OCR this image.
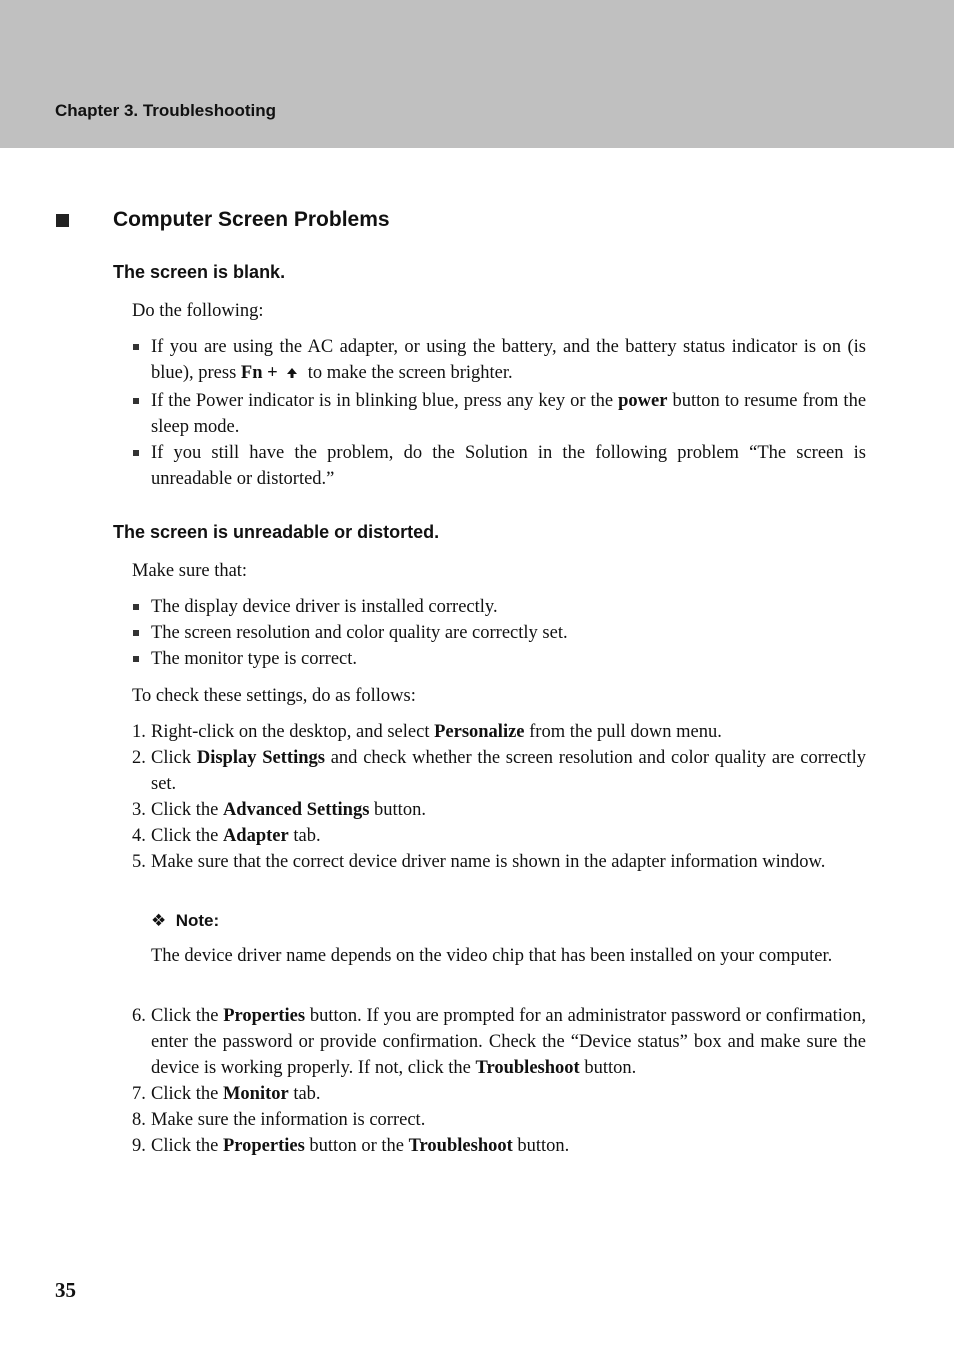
Chapter 3. Troubleshooting
Computer Screen Problems
The screen is blank.
Do the following:
If you are using the AC adapter, or using the battery, and the battery status indicator is on (is blue), press Fn + to make the screen brighter.
If the Power indicator is in blinking blue, press any key or the power button to resume from the sleep mode.
If you still have the problem, do the Solution in the following problem “The screen is unreadable or distorted.”
The screen is unreadable or distorted.
Make sure that:
The display device driver is installed correctly.
The screen resolution and color quality are correctly set.
The monitor type is correct.
To check these settings, do as follows:
1. Right-click on the desktop, and select Personalize from the pull down menu.
2. Click Display Settings and check whether the screen resolution and color quality are correctly set.
3. Click the Advanced Settings button.
4. Click the Adapter tab.
5. Make sure that the correct device driver name is shown in the adapter information window.
❖ Note:
The device driver name depends on the video chip that has been installed on your computer.
6. Click the Properties button. If you are prompted for an administrator password or confirmation, enter the password or provide confirmation. Check the “Device status” box and make sure the device is working properly. If not, click the Troubleshoot button.
7. Click the Monitor tab.
8. Make sure the information is correct.
9. Click the Properties button or the Troubleshoot button.
35
